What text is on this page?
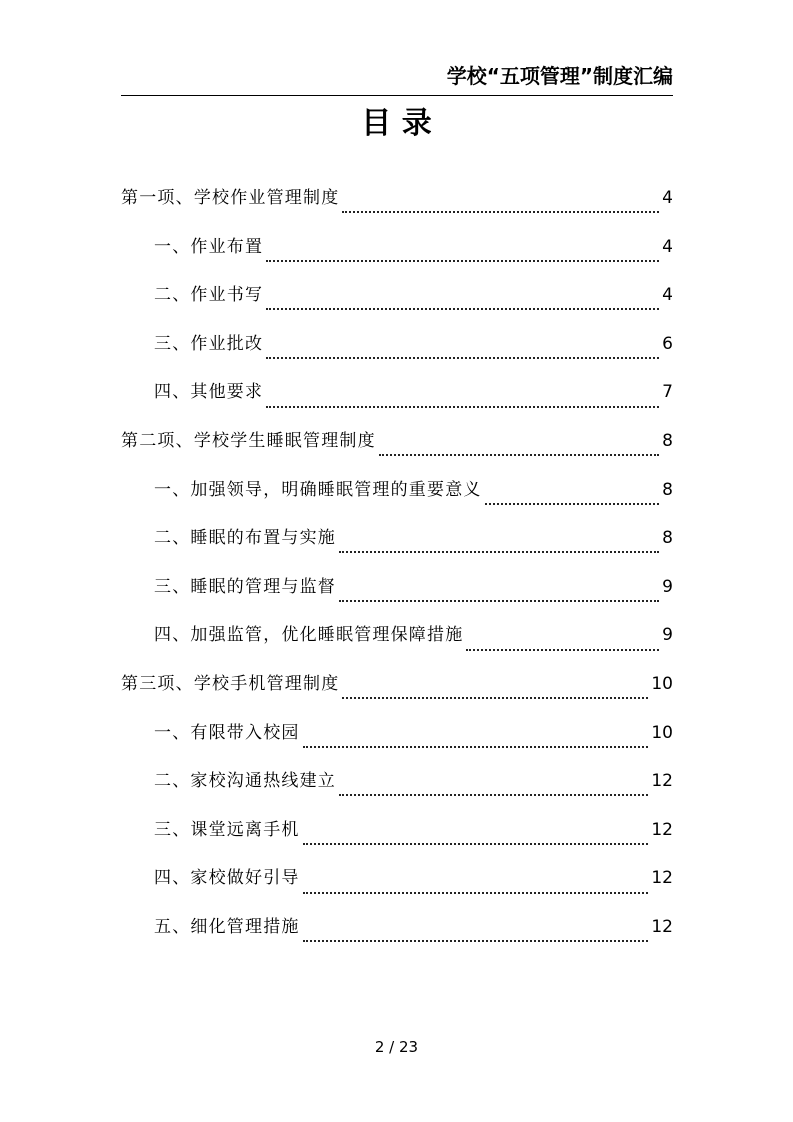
学校“五项管理”制度汇编
目 录
第一项、 学校作业管理制度	4
一、 作业布置	4
二、 作业书写	4
三、 作业批改	6
四、 其他要求	7
第二项、 学校学生睡眠管理制度	8
一、 加强领导，明确睡眠管理的重要意义	8
二、 睡眠的布置与实施	8
三、 睡眠的管理与监督	9
四、 加强监管，优化睡眠管理保障措施	9
第三项、 学校手机管理制度	10
一、 有限带入校园	10
二、 家校沟通热线建立	12
三、 课堂远离手机	12
四、 家校做好引导	12
五、 细化管理措施	12
2 / 23
